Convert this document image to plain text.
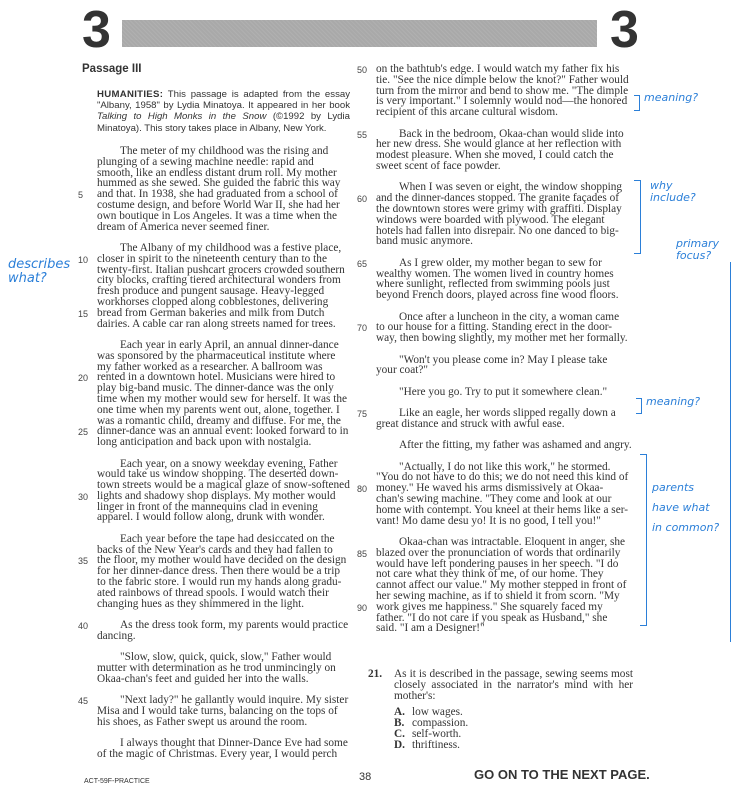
3	3
Passage III
HUMANITIES: This passage is adapted from the essay "Albany, 1958" by Lydia Minatoya. It appeared in her book Talking to High Monks in the Snow (©1992 by Lydia Minatoya). This story takes place in Albany, New York.

The meter of my childhood was the rising and
plunging of a sewing machine needle: rapid and
smooth, like an endless distant drum roll. My mother
hummed as she sewed. She guided the fabric this way
and that. In 1938, she had graduated from a school of
5
costume design, and before World War II, she had her
own boutique in Los Angeles. It was a time when the
dream of America never seemed finer.

The Albany of my childhood was a festive place,
closer in spirit to the nineteenth century than to the
10
twenty-first. Italian pushcart grocers crowded southern
city blocks, crafting tiered architectural wonders from
fresh produce and pungent sausage. Heavy-legged
workhorses clopped along cobblestones, delivering
bread from German bakeries and milk from Dutch
15
dairies. A cable car ran along streets named for trees.

Each year in early April, an annual dinner-dance
was sponsored by the pharmaceutical institute where
my father worked as a researcher. A ballroom was
rented in a downtown hotel. Musicians were hired to
20
play big-band music. The dinner-dance was the only
time when my mother would sew for herself. It was the
one time when my parents went out, alone, together. I
was a romantic child, dreamy and diffuse. For me, the
dinner-dance was an annual event: looked forward to in
25
long anticipation and back upon with nostalgia.

Each year, on a snowy weekday evening, Father
would take us window shopping. The deserted down-
town streets would be a magical glaze of snow-softened
lights and shadowy shop displays. My mother would
30
linger in front of the mannequins clad in evening
apparel. I would follow along, drunk with wonder.

Each year before the tape had desiccated on the
backs of the New Year's cards and they had fallen to
the floor, my mother would have decided on the design
35
for her dinner-dance dress. Then there would be a trip
to the fabric store. I would run my hands along gradu-
ated rainbows of thread spools. I would watch their
changing hues as they shimmered in the light.

As the dress took form, my parents would practice
40
dancing.

"Slow, slow, quick, quick, slow," Father would
mutter with determination as he trod unmincingly on
Okaa-chan's feet and guided her into the walls.

"Next lady?" he gallantly would inquire. My sister
45
Misa and I would take turns, balancing on the tops of
his shoes, as Father swept us around the room.

I always thought that Dinner-Dance Eve had some
of the magic of Christmas. Every year, I would perch

on the bathtub's edge. I would watch my father fix his
50
tie. "See the nice dimple below the knot?" Father would
turn from the mirror and bend to show me. "The dimple
is very important." I solemnly would nod—the honored
recipient of this arcane cultural wisdom.

Back in the bedroom, Okaa-chan would slide into
55
her new dress. She would glance at her reflection with
modest pleasure. When she moved, I could catch the
sweet scent of face powder.

When I was seven or eight, the window shopping
and the dinner-dances stopped. The granite façades of
60
the downtown stores were grimy with graffiti. Display
windows were boarded with plywood. The elegant
hotels had fallen into disrepair. No one danced to big-
band music anymore.

As I grew older, my mother began to sew for
65
wealthy women. The women lived in country homes
where sunlight, reflected from swimming pools just
beyond French doors, played across fine wood floors.

Once after a luncheon in the city, a woman came
to our house for a fitting. Standing erect in the door-
70
way, then bowing slightly, my mother met her formally.

"Won't you please come in? May I please take
your coat?"

"Here you go. Try to put it somewhere clean."

Like an eagle, her words slipped regally down a
75
great distance and struck with awful ease.

After the fitting, my father was ashamed and angry.

"Actually, I do not like this work," he stormed.
"You do not have to do this; we do not need this kind of
money." He waved his arms dismissively at Okaa-
80
chan's sewing machine. "They come and look at our
home with contempt. You kneel at their hems like a ser-
vant! Mo dame desu yo! It is no good, I tell you!"

Okaa-chan was intractable. Eloquent in anger, she
blazed over the pronunciation of words that ordinarily
85
would have left pondering pauses in her speech. "I do
not care what they think of me, of our home. They
cannot affect our value." My mother stepped in front of
her sewing machine, as if to shield it from scorn. "My
work gives me happiness." She squarely faced my
90
father. "I do not care if you speak as Husband," she
said. "I am a Designer!"

21.	As it is described in the passage, sewing seems most closely associated in the narrator's mind with her mother's:
A. low wages.
B. compassion.
C. self-worth.
D. thriftiness.
ACT-59F-PRACTICE	38	GO ON TO THE NEXT PAGE.
describes what?
meaning?
why include?
primary focus?
meaning?
parents have what in common?
